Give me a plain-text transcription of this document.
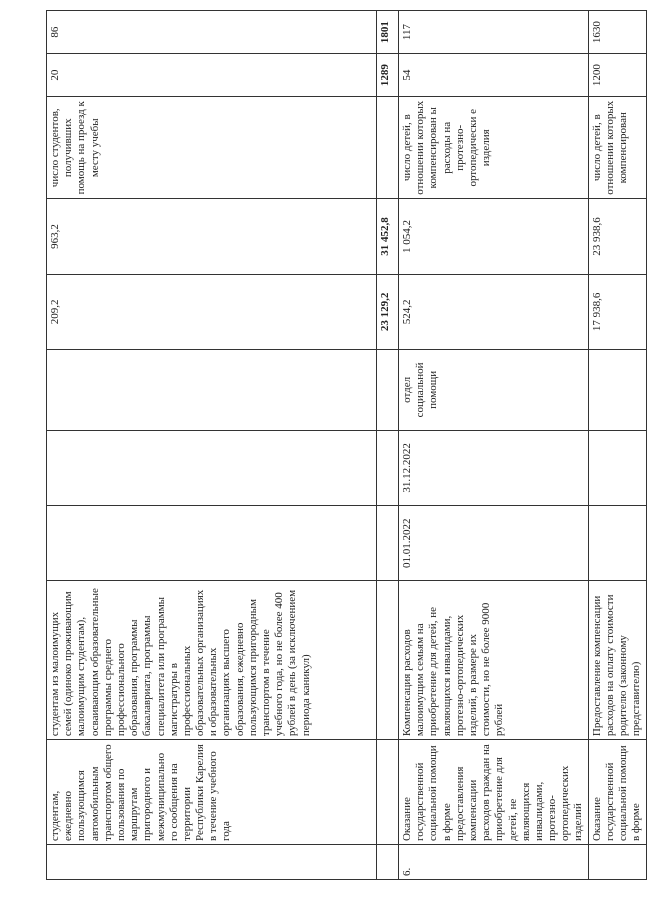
	студентам, ежедневно пользующимся автомобильным транспортом общего пользования по маршрутам пригородного и межмуниципально го сообщения на территории Республики Карелия в течение учебного года	студентам из малоимущих семей (одиноко проживающим малоимущим студентам), осваивающим образовательные программы среднего профессионального образования, программы бакалавриата, программы специалитета или программы магистратуры в профессиональных образовательных организациях и образовательных организациях высшего образования, ежедневно пользующимся пригородным транспортом в течение учебного года, но не более 400 рублей в день (за исключением периода каникул)				209,2	963,2	число студентов, получивших помощь на проезд к месту учебы	20	86
						23 129,2	31 452,8		1289	1801
6.	Оказание государственной социальной помощи в форме предоставления компенсации расходов граждан на приобретение для детей, не являющихся инвалидами, протезно-ортопедических изделий	Компенсация расходов малоимущим семьям на приобретение для детей, не являющихся инвалидами, протезно-ортопедических изделий, в размере их стоимости, но не более 9000 рублей	01.01.2022	31.12.2022	отдел социальной помощи	524,2	1 054,2	число детей, в отношении которых компенсирован ы расходы на протезно-ортопедически е изделия	54	117
	Оказание государственной социальной помощи в форме	Предоставление компенсации расходов на оплату стоимости родителю (законному представителю)				17 938,6	23 938,6	число детей, в отношении которых компенсирован	1200	1630
